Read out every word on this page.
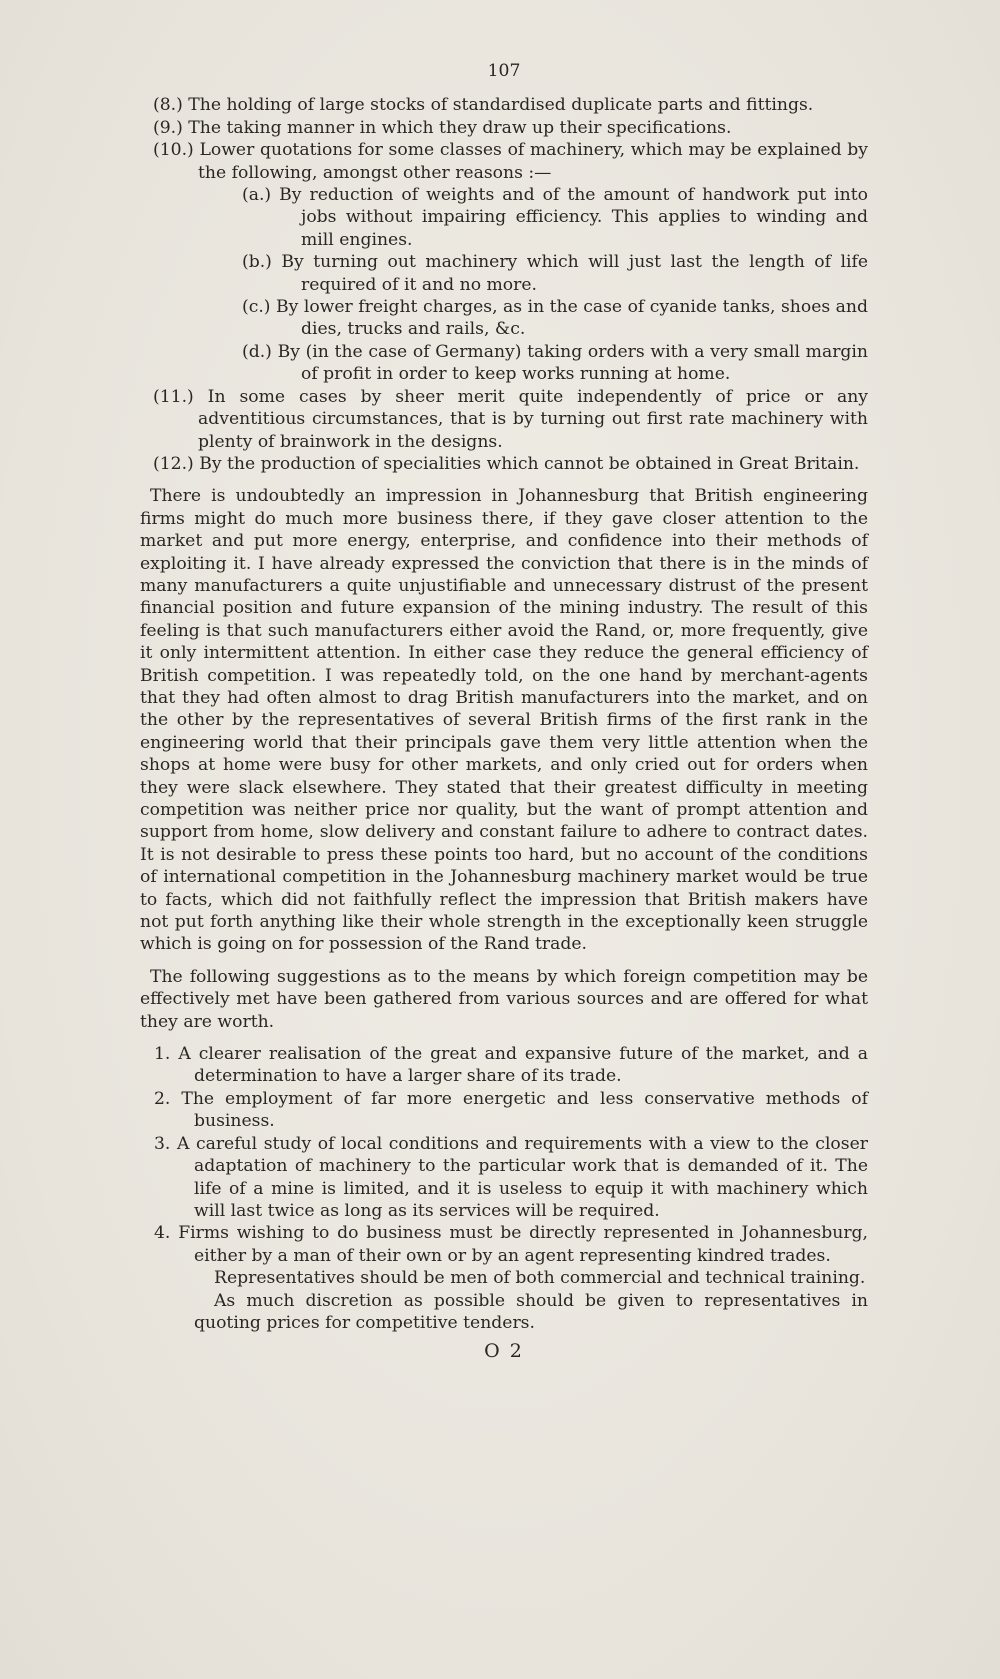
107

(8.) The holding of large stocks of standardised duplicate parts and fittings.

(9.) The taking manner in which they draw up their specifications.

(10.) Lower quotations for some classes of machinery, which may be explained by the following, amongst other reasons :—

(a.) By reduction of weights and of the amount of handwork put into jobs without impairing efficiency. This applies to winding and mill engines.

(b.) By turning out machinery which will just last the length of life required of it and no more.

(c.) By lower freight charges, as in the case of cyanide tanks, shoes and dies, trucks and rails, &c.

(d.) By (in the case of Germany) taking orders with a very small margin of profit in order to keep works running at home.

(11.) In some cases by sheer merit quite independently of price or any adventitious circumstances, that is by turning out first rate machinery with plenty of brainwork in the designs.

(12.) By the production of specialities which cannot be obtained in Great Britain.

There is undoubtedly an impression in Johannesburg that British engineering firms might do much more business there, if they gave closer attention to the market and put more energy, enterprise, and confidence into their methods of exploiting it. I have already expressed the conviction that there is in the minds of many manufacturers a quite unjustifiable and unnecessary distrust of the present financial position and future expansion of the mining industry. The result of this feeling is that such manufacturers either avoid the Rand, or, more frequently, give it only intermittent attention. In either case they reduce the general efficiency of British competition. I was repeatedly told, on the one hand by merchant-agents that they had often almost to drag British manufacturers into the market, and on the other by the representatives of several British firms of the first rank in the engineering world that their principals gave them very little attention when the shops at home were busy for other markets, and only cried out for orders when they were slack elsewhere. They stated that their greatest difficulty in meeting competition was neither price nor quality, but the want of prompt attention and support from home, slow delivery and constant failure to adhere to contract dates. It is not desirable to press these points too hard, but no account of the conditions of international competition in the Johannesburg machinery market would be true to facts, which did not faithfully reflect the impression that British makers have not put forth anything like their whole strength in the exceptionally keen struggle which is going on for possession of the Rand trade.

The following suggestions as to the means by which foreign competition may be effectively met have been gathered from various sources and are offered for what they are worth.

1. A clearer realisation of the great and expansive future of the market, and a determination to have a larger share of its trade.

2. The employment of far more energetic and less conservative methods of business.

3. A careful study of local conditions and requirements with a view to the closer adaptation of machinery to the particular work that is demanded of it. The life of a mine is limited, and it is useless to equip it with machinery which will last twice as long as its services will be required.

4. Firms wishing to do business must be directly represented in Johannesburg, either by a man of their own or by an agent representing kindred trades.

Representatives should be men of both commercial and technical training.

As much discretion as possible should be given to representatives in quoting prices for competitive tenders.

O 2
